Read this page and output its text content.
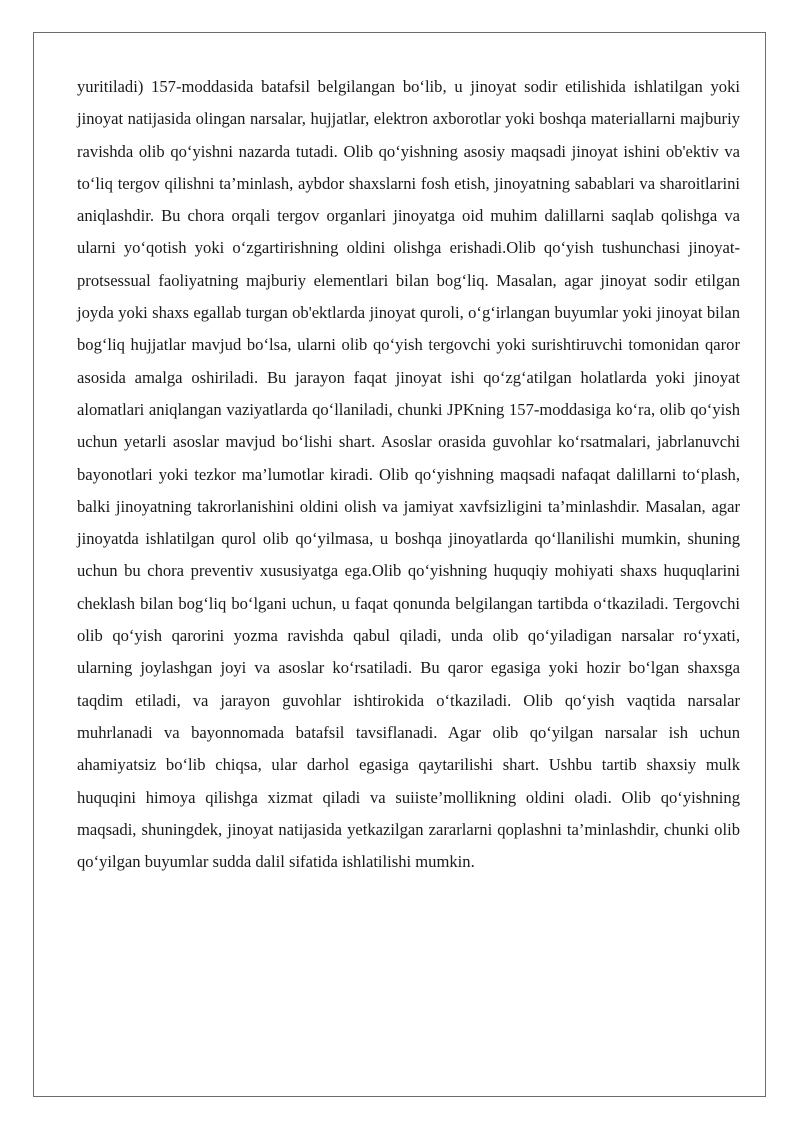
yuritiladi) 157-moddasida batafsil belgilangan bo‘lib, u jinoyat sodir etilishida ishlatilgan yoki jinoyat natijasida olingan narsalar, hujjatlar, elektron axborotlar yoki boshqa materiallarni majburiy ravishda olib qo‘yishni nazarda tutadi. Olib qo‘yishning asosiy maqsadi jinoyat ishini ob'ektiv va to‘liq tergov qilishni ta’minlash, aybdor shaxslarni fosh etish, jinoyatning sabablari va sharoitlarini aniqlashdir. Bu chora orqali tergov organlari jinoyatga oid muhim dalillarni saqlab qolishga va ularni yo‘qotish yoki o‘zgartirishning oldini olishga erishadi.Olib qo‘yish tushunchasi jinoyat-protsessual faoliyatning majburiy elementlari bilan bog‘liq. Masalan, agar jinoyat sodir etilgan joyda yoki shaxs egallab turgan ob'ektlarda jinoyat quroli, o‘g‘irlangan buyumlar yoki jinoyat bilan bog‘liq hujjatlar mavjud bo‘lsa, ularni olib qo‘yish tergovchi yoki surishtiruvchi tomonidan qaror asosida amalga oshiriladi. Bu jarayon faqat jinoyat ishi qo‘zg‘atilgan holatlarda yoki jinoyat alomatlari aniqlangan vaziyatlarda qo‘llaniladi, chunki JPKning 157-moddasiga ko‘ra, olib qo‘yish uchun yetarli asoslar mavjud bo‘lishi shart. Asoslar orasida guvohlar ko‘rsatmalari, jabrlanuvchi bayonotlari yoki tezkor ma’lumotlar kiradi. Olib qo‘yishning maqsadi nafaqat dalillarni to‘plash, balki jinoyatning takrorlanishini oldini olish va jamiyat xavfsizligini ta’minlashdir. Masalan, agar jinoyatda ishlatilgan qurol olib qo‘yilmasa, u boshqa jinoyatlarda qo‘llanilishi mumkin, shuning uchun bu chora preventiv xususiyatga ega.Olib qo‘yishning huquqiy mohiyati shaxs huquqlarini cheklash bilan bog‘liq bo‘lgani uchun, u faqat qonunda belgilangan tartibda o‘tkaziladi. Tergovchi olib qo‘yish qarorini yozma ravishda qabul qiladi, unda olib qo‘yiladigan narsalar ro‘yxati, ularning joylashgan joyi va asoslar ko‘rsatiladi. Bu qaror egasiga yoki hozir bo‘lgan shaxsga taqdim etiladi, va jarayon guvohlar ishtirokida o‘tkaziladi. Olib qo‘yish vaqtida narsalar muhrlanadi va bayonnomada batafsil tavsiflanadi. Agar olib qo‘yilgan narsalar ish uchun ahamiyatsiz bo‘lib chiqsa, ular darhol egasiga qaytarilishi shart. Ushbu tartib shaxsiy mulk huquqini himoya qilishga xizmat qiladi va suiiste’mollikning oldini oladi. Olib qo‘yishning maqsadi, shuningdek, jinoyat natijasida yetkazilgan zararlarni qoplashni ta’minlashdir, chunki olib qo‘yilgan buyumlar sudda dalil sifatida ishlatilishi mumkin.
